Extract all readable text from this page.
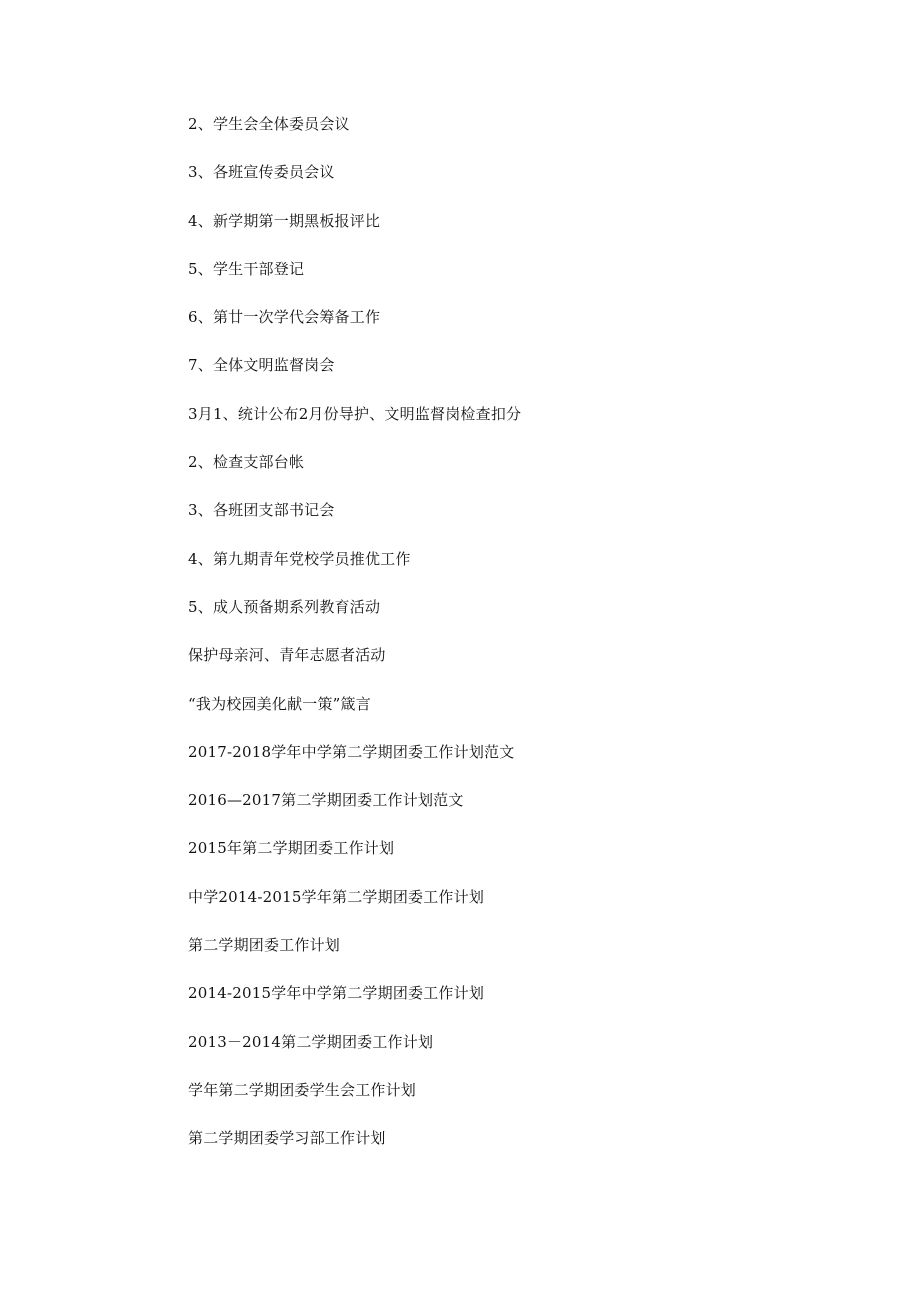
2、学生会全体委员会议
3、各班宣传委员会议
4、新学期第一期黑板报评比
5、学生干部登记
6、第廿一次学代会筹备工作
7、全体文明监督岗会
3月1、统计公布2月份导护、文明监督岗检查扣分
2、检查支部台帐
3、各班团支部书记会
4、第九期青年党校学员推优工作
5、成人预备期系列教育活动
保护母亲河、青年志愿者活动
“我为校园美化献一策”箴言
2017-2018学年中学第二学期团委工作计划范文
2016—2017第二学期团委工作计划范文
2015年第二学期团委工作计划
中学2014-2015学年第二学期团委工作计划
第二学期团委工作计划
2014-2015学年中学第二学期团委工作计划
2013－2014第二学期团委工作计划
学年第二学期团委学生会工作计划
第二学期团委学习部工作计划
